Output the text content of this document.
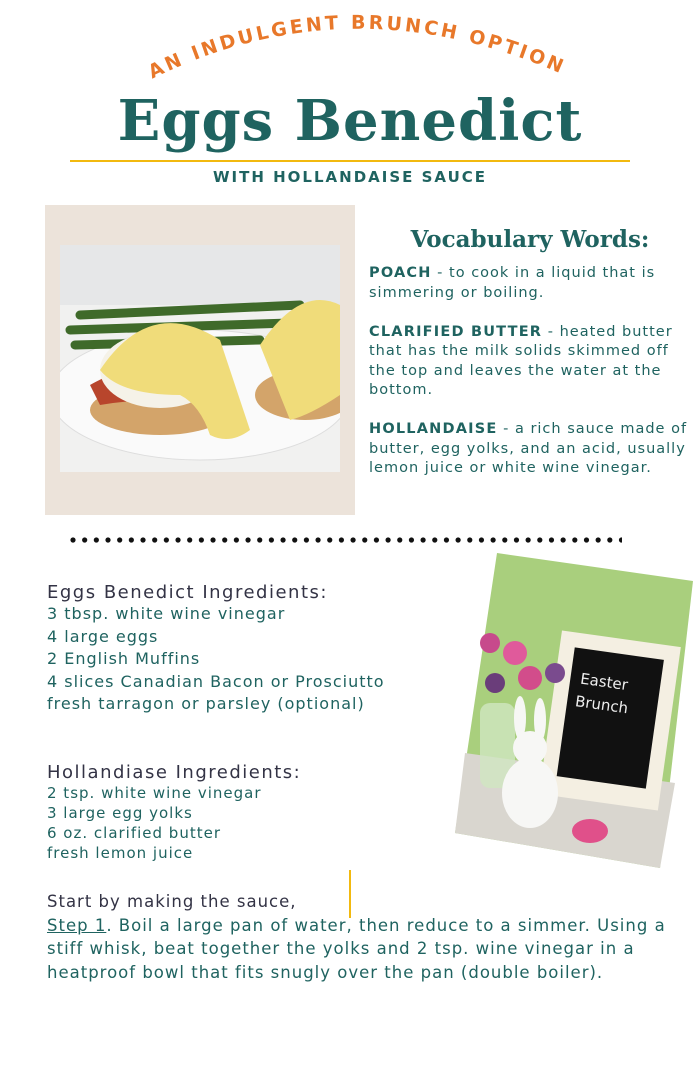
AN INDULGENT BRUNCH OPTION
Eggs Benedict
WITH HOLLANDAISE SAUCE
Vocabulary Words:

POACH - to cook in a liquid that is simmering or boiling.

CLARIFIED BUTTER - heated butter that has the milk solids skimmed off the top and leaves the water at the bottom.

HOLLANDAISE - a rich sauce made of butter, egg yolks, and an acid, usually lemon juice or white wine vinegar.

Eggs Benedict Ingredients:
3 tbsp. white wine vinegar
4 large eggs
2 English Muffins
4 slices Canadian Bacon or Prosciutto
fresh tarragon or parsley (optional)
Hollandiase Ingredients:
2 tsp. white wine vinegar
3 large egg yolks
6 oz. clarified butter
fresh lemon juice
Easter
Brunch
Start by making the sauce,
Step 1. Boil a large pan of water, then reduce to a simmer. Using a stiff whisk, beat together the yolks and 2 tsp. wine vinegar in a heatproof bowl that fits snugly over the pan (double boiler).
